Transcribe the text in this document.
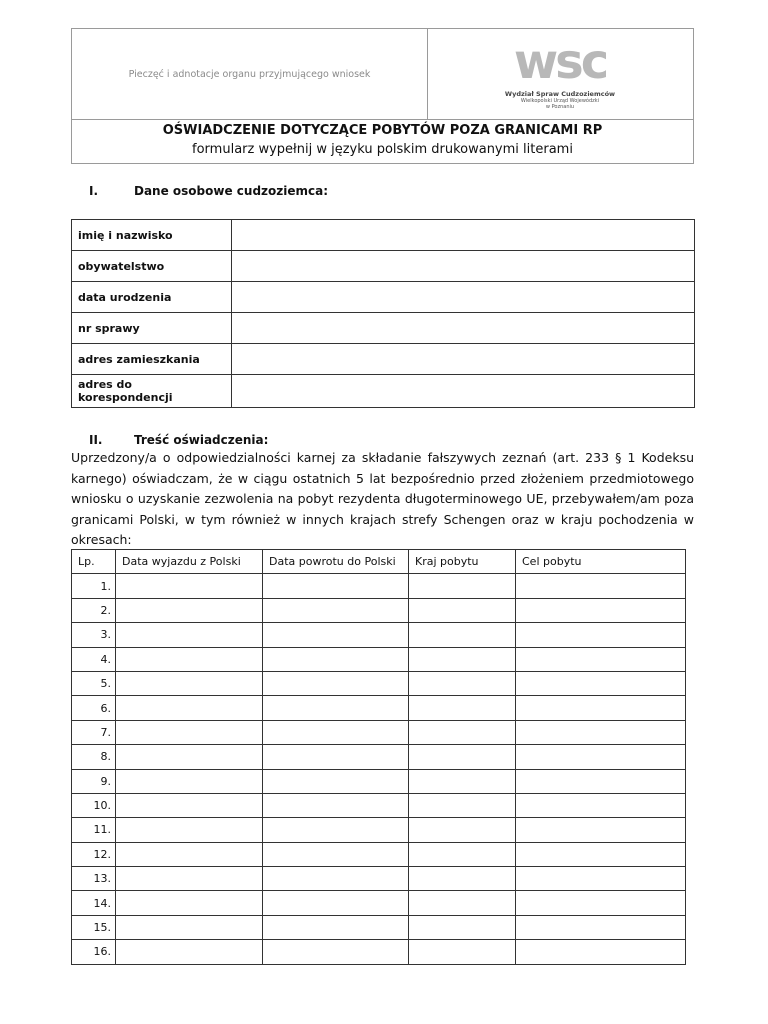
Pieczęć i adnotacje organu przyjmującego wniosek	wsc
Wydział Spraw Cudzoziemców
Wielkopolski Urząd Wojewódzki
w Poznaniu
OŚWIADCZENIE DOTYCZĄCE POBYTÓW POZA GRANICAMI RP
formularz wypełnij w języku polskim drukowanymi literami
I.	Dane osobowe cudzoziemca:
imię i nazwisko	
obywatelstwo	
data urodzenia	
nr sprawy	
adres zamieszkania	
adres do korespondencji	
II.	Treść oświadczenia:
Uprzedzony/a o odpowiedzialności karnej za składanie fałszywych zeznań (art. 233 § 1 Kodeksu karnego) oświadczam, że w ciągu ostatnich 5 lat bezpośrednio przed złożeniem przedmiotowego wniosku o uzyskanie zezwolenia na pobyt rezydenta długoterminowego UE, przebywałem/am poza granicami Polski, w tym również w innych krajach strefy Schengen oraz w kraju pochodzenia w okresach:
Lp.	Data wyjazdu z Polski	Data powrotu do Polski	Kraj pobytu	Cel pobytu
1.				
2.				
3.				
4.				
5.				
6.				
7.				
8.				
9.				
10.				
11.				
12.				
13.				
14.				
15.				
16.				
